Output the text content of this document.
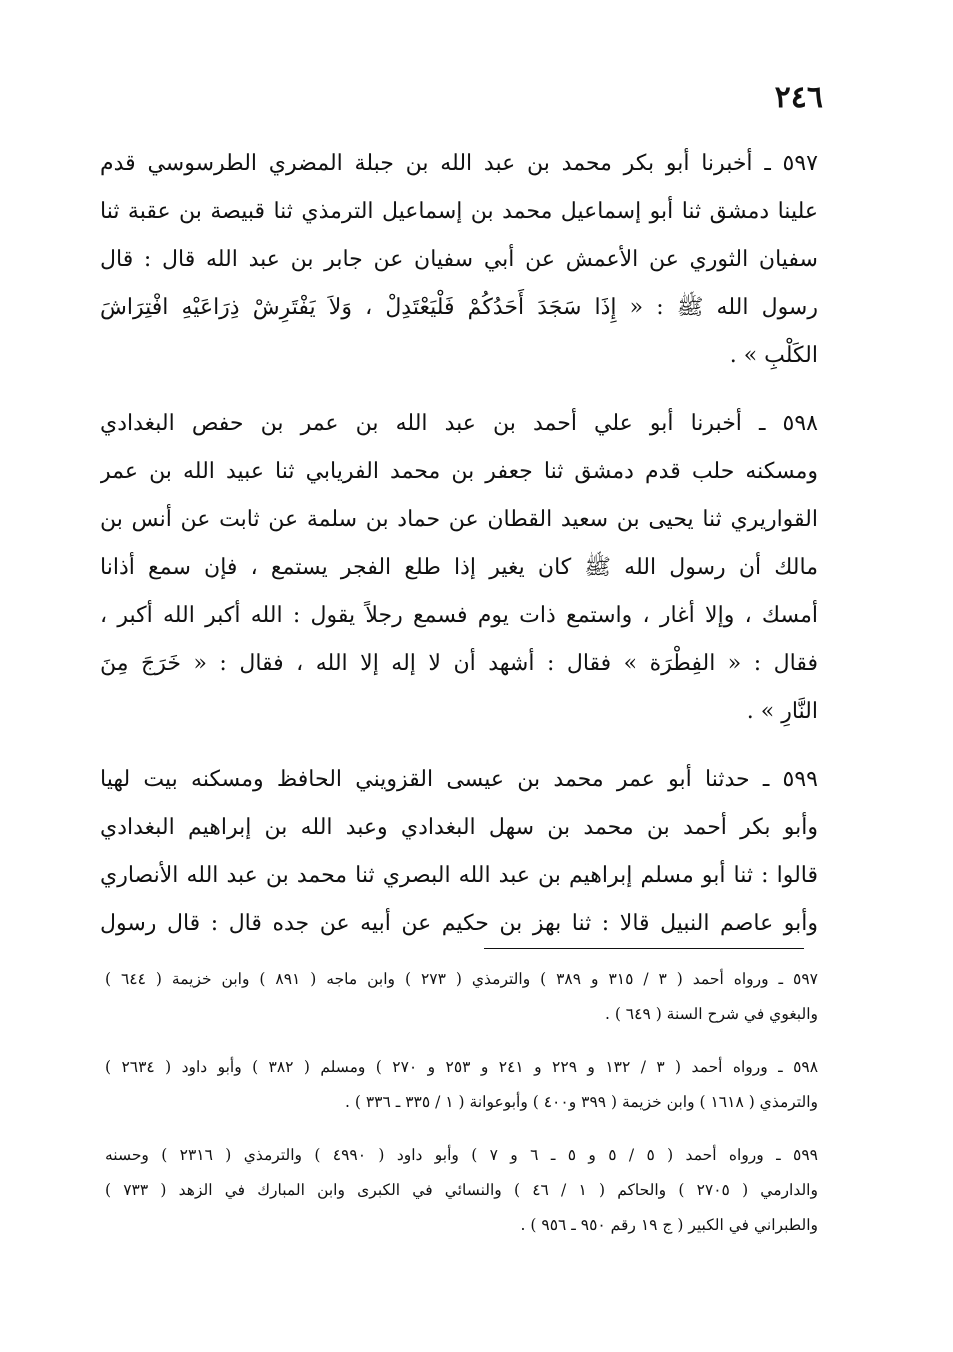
٢٤٦
٥٩٧ ـ أخبرنا أبو بكر محمد بن عبد الله بن جبلة المضري الطرسوسي قدم
علينا دمشق ثنا أبو إسماعيل محمد بن إسماعيل الترمذي ثنا قبيصة بن عقبة ثنا
سفيان الثوري عن الأعمش عن أبي سفيان عن جابر بن عبد الله قال : قال
رسول الله ﷺ : « إِذَا سَجَدَ أَحَدُكُمْ فَلْيَعْتَدِلْ ، وَلاَ يَفْتَرِشْ ذِرَاعَيْهِ افْتِرَاشَ
الكَلْبِ » .
٥٩٨ ـ أخبرنا أبو علي أحمد بن عبد الله بن عمر بن حفص البغدادي
ومسكنه حلب قدم دمشق ثنا جعفر بن محمد الفريابي ثنا عبيد الله بن عمر
القواريري ثنا يحيى بن سعيد القطان عن حماد بن سلمة عن ثابت عن أنس بن
مالك أن رسول الله ﷺ كان يغير إذا طلع الفجر يستمع ، فإن سمع أذانا
أمسك ، وإلا أغار ، واستمع ذات يوم فسمع رجلاً يقول : الله أكبر الله أكبر ،
فقال : « الفِطْرَة » فقال : أشهد أن لا إله إلا الله ، فقال : « خَرَجَ مِنَ
النَّارِ » .
٥٩٩ ـ حدثنا أبو عمر محمد بن عيسى القزويني الحافظ ومسكنه بيت لهيا
وأبو بكر أحمد بن محمد بن سهل البغدادي وعبد الله بن إبراهيم البغدادي
قالوا : ثنا أبو مسلم إبراهيم بن عبد الله البصري ثنا محمد بن عبد الله الأنصاري
وأبو عاصم النبيل قالا : ثنا بهز بن حكيم عن أبيه عن جده قال : قال رسول
٥٩٧ ـ ورواه أحمد ( ٣ / ٣١٥ و ٣٨٩ ) والترمذي ( ٢٧٣ ) وابن ماجه ( ٨٩١ ) وابن خزيمة ( ٦٤٤ )
والبغوي في شرح السنة ( ٦٤٩ ) .
٥٩٨ ـ ورواه أحمد ( ٣ / ١٣٢ و ٢٢٩ و ٢٤١ و ٢٥٣ و ٢٧٠ ) ومسلم ( ٣٨٢ ) وأبو داود ( ٢٦٣٤ )
والترمذي ( ١٦١٨ ) وابن خزيمة ( ٣٩٩ و٤٠٠ ) وأبوعوانة ( ١ / ٣٣٥ ـ ٣٣٦ ) .
٥٩٩ ـ ورواه أحمد ( ٥ / ٥ و ٥ ـ ٦ و ٧ ) وأبو داود ( ٤٩٩٠ ) والترمذي ( ٢٣١٦ ) وحسنه
والدارمي ( ٢٧٠٥ ) والحاكم ( ١ / ٤٦ ) والنسائي في الكبرى وابن المبارك في الزهد ( ٧٣٣ )
والطبراني في الكبير ( ج ١٩ رقم ٩٥٠ ـ ٩٥٦ ) .
